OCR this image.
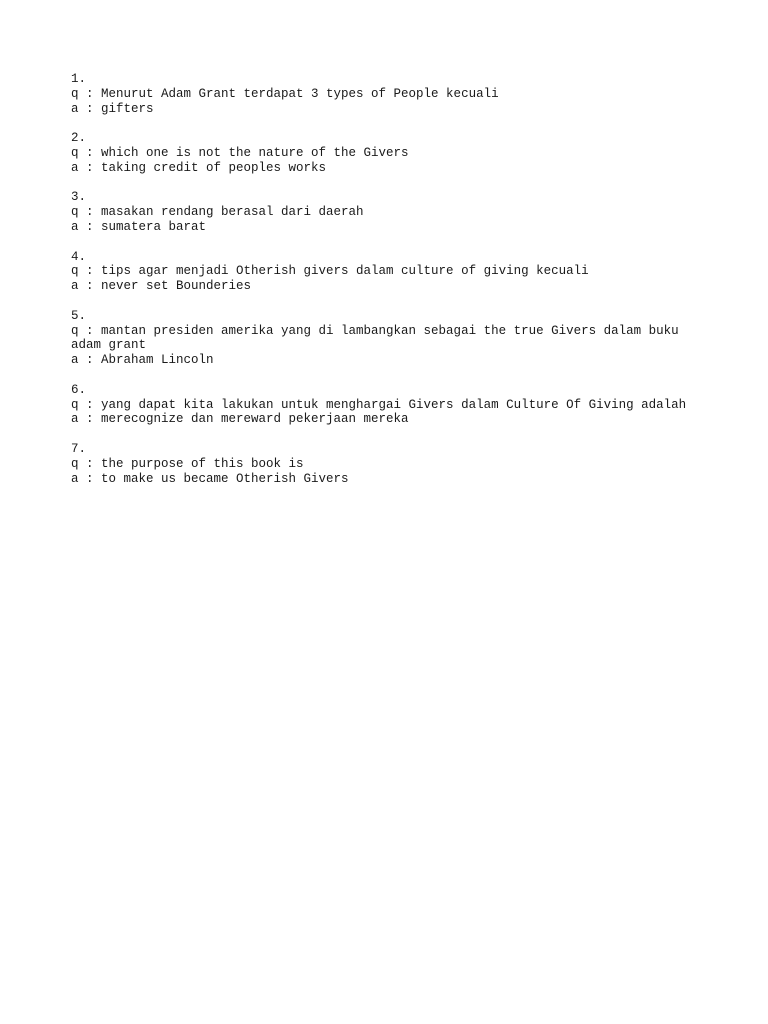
1.
q : Menurut Adam Grant terdapat 3 types of People kecuali
a : gifters
2.
q : which one is not the nature of the Givers
a : taking credit of peoples works
3.
q : masakan rendang berasal dari daerah
a : sumatera barat
4.
q : tips agar menjadi Otherish givers dalam culture of giving kecuali
a : never set Bounderies
5.
q : mantan presiden amerika yang di lambangkan sebagai the true Givers dalam buku adam grant
a : Abraham Lincoln
6.
q : yang dapat kita lakukan untuk menghargai Givers dalam Culture Of Giving adalah
a : merecognize dan mereward pekerjaan mereka
7.
q : the purpose of this book is
a : to make us became Otherish Givers
